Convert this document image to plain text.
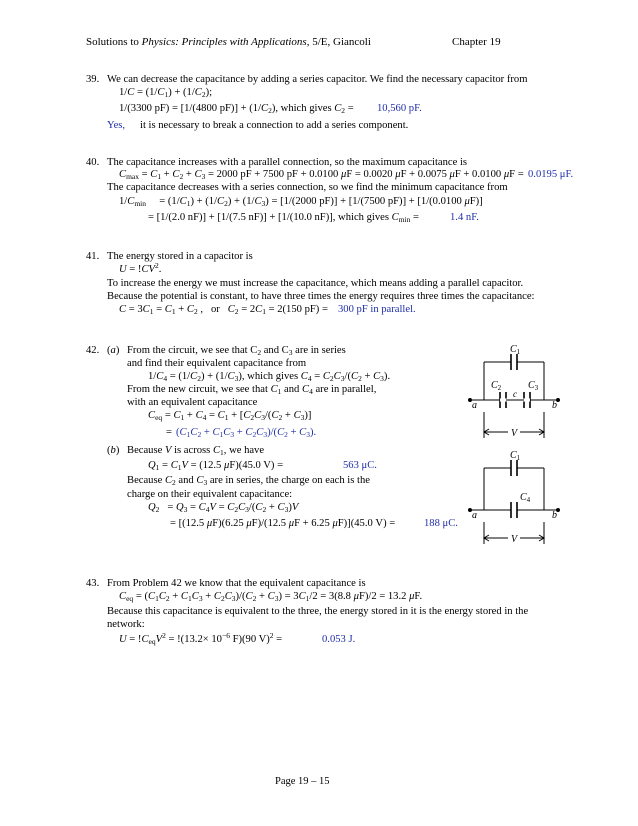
Solutions to Physics: Principles with Applications, 5/E, Giancoli	Chapter 19
39. We can decrease the capacitance by adding a series capacitor. We find the necessary capacitor from
$1/C = (1/C_1) + (1/C_2)$;
1/(3300 pF) = [1/(4800 $pF)] + (1/C_2)$, which gives $C_2 = 10,560$ pF.
Yes, it is necessary to break a connection to add a series component.
40. The capacitance increases with a parallel connection, so the maximum capacitance is
$C_{max} = C_1 + C_2 + C_3 = 2000$ pF + 7500 pF + 0.0100 μF = 0.0020 μF + 0.0075 μF + 0.0100 μF = 0.0195 μF.
The capacitance decreases with a series connection, so we find the minimum capacitance from
$1/C_{min}$     = $(1/C_1) + (1/C_2) + (1/C_3) = [1/(2000$ pF)] + [1/(7500 pF)] + [1/(0.0100 μF)]
= [1/(2.0 nF)] + [1/(7.5 nF)] + [1/(10.0 nF)], which gives $C_{min}$ =	1.4 nF.
41. The energy stored in a capacitor is
$U = !CV^2$.
To increase the energy we must increase the capacitance, which means adding a parallel capacitor.
Because the potential is constant, to have three times the energy requires three times the capacitance:
$C = 3C_1 = C_1 + C_2$ ,   or   $C_2 = 2C_1 = 2(150$ pF) = 300 pF in parallel.
42. (a) From the circuit, we see that $C_2$ and $C_3$ are in series
and find their equivalent capacitance from
$1/C_4 = (1/C_2) + (1/C_3)$, which gives $C_4 = C_2C_3/(C_2 + C_3)$.
From the new circuit, we see that $C_1$ and $C_4$ are in parallel,
with an equivalent capacitance
$C_{eq} = C_1 + C_4 = C_1 + [C_2C_3/(C_2 + C_3)]$
= $(C_1C_2 + C_1C_3 + C_2C_3)/(C_2 + C_3)$.
(b) Because V is across $C_1$, we have
$Q_1 = C_1V = (12.5$ μF)(45.0 V) =	563 μC.
Because $C_2$ and $C_3$ are in series, the charge on each is the
charge on their equivalent capacitance:
$Q_2 = Q_3 = C_4V = C_2C_3/(C_2 + C_3)V$
= [(12.5 μF)(6.25 μF)/(12.5 μF + 6.25 μF)](45.0 V) =	188 μC.
$C_1$
$C_2$	$C_3$
c
a	b
V
$C_1$
$C_4$
a	b
V
43. From Problem 42 we know that the equivalent capacitance is
$C_{eq} = (C_1C_2 + C_1C_3 + C_2C_3)/(C_2 + C_3) = 3C_1/2 = 3(8.8$ μF)/2 = 13.2 μF.
Because this capacitance is equivalent to the three, the energy stored in it is the energy stored in the
network:
$U = !C_{eq}V^2 = !(13.2\times 10^{-6}$ F)(90 V)$^2$ =	0.053 J.
Page 19 – 15
